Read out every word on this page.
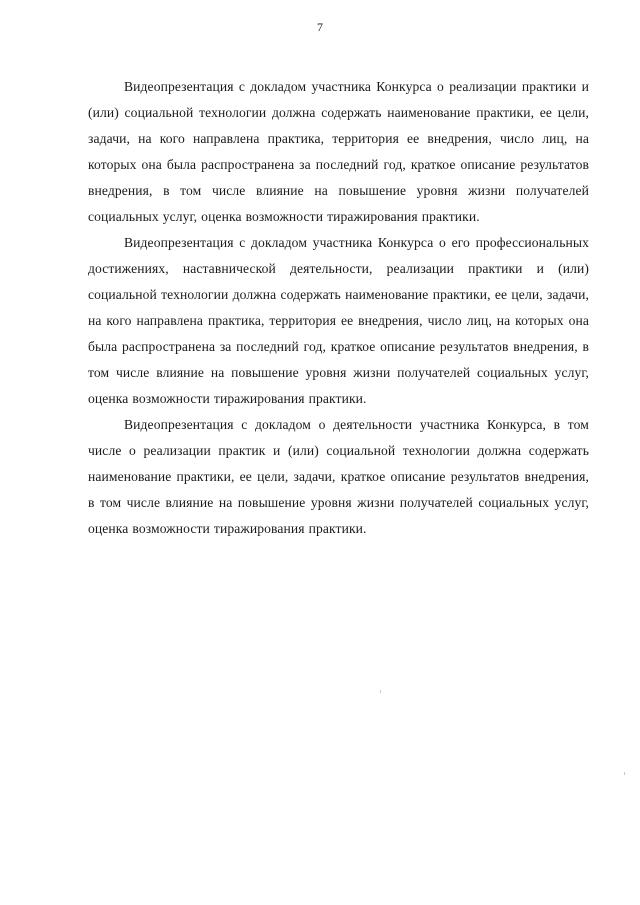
7

Видеопрезентация с докладом участника Конкурса о реализации практики и (или) социальной технологии должна содержать наименование практики, ее цели, задачи, на кого направлена практика, территория ее внедрения, число лиц, на которых она была распространена за последний год, краткое описание результатов внедрения, в том числе влияние на повышение уровня жизни получателей социальных услуг, оценка возможности тиражирования практики.

Видеопрезентация с докладом участника Конкурса о его профессиональных достижениях, наставнической деятельности, реализации практики и (или) социальной технологии должна содержать наименование практики, ее цели, задачи, на кого направлена практика, территория ее внедрения, число лиц, на которых она была распространена за последний год, краткое описание результатов внедрения, в том числе влияние на повышение уровня жизни получателей социальных услуг, оценка возможности тиражирования практики.

Видеопрезентация с докладом о деятельности участника Конкурса, в том числе о реализации практик и (или) социальной технологии должна содержать наименование практики, ее цели, задачи, краткое описание результатов внедрения, в том числе влияние на повышение уровня жизни получателей социальных услуг, оценка возможности тиражирования практики.
